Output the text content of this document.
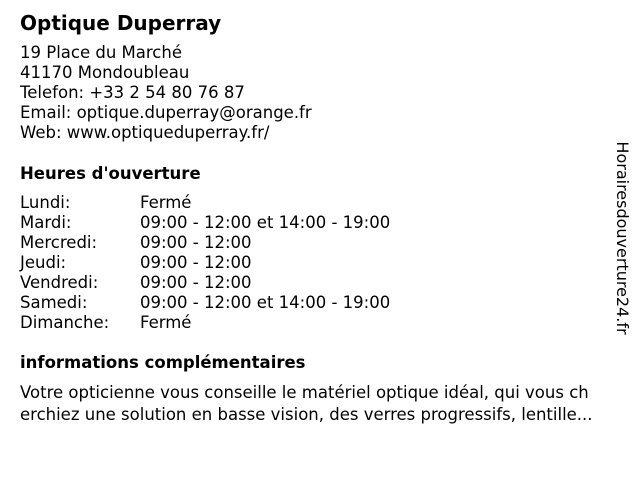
Optique Duperray
19 Place du Marché
41170 Mondoubleau
Telefon: +33 2 54 80 76 87
Email: optique.duperray@orange.fr
Web: www.optiqueduperray.fr/
Heures d'ouverture
Lundi:	Fermé
Mardi:	09:00 - 12:00 et 14:00 - 19:00
Mercredi:	09:00 - 12:00
Jeudi:	09:00 - 12:00
Vendredi:	09:00 - 12:00
Samedi:	09:00 - 12:00 et 14:00 - 19:00
Dimanche: Fermé
informations complémentaires
Votre opticienne vous conseille le matériel optique idéal, qui vous ch
erchiez une solution en basse vision, des verres progressifs, lentille...
Horairesdouverture24.fr
